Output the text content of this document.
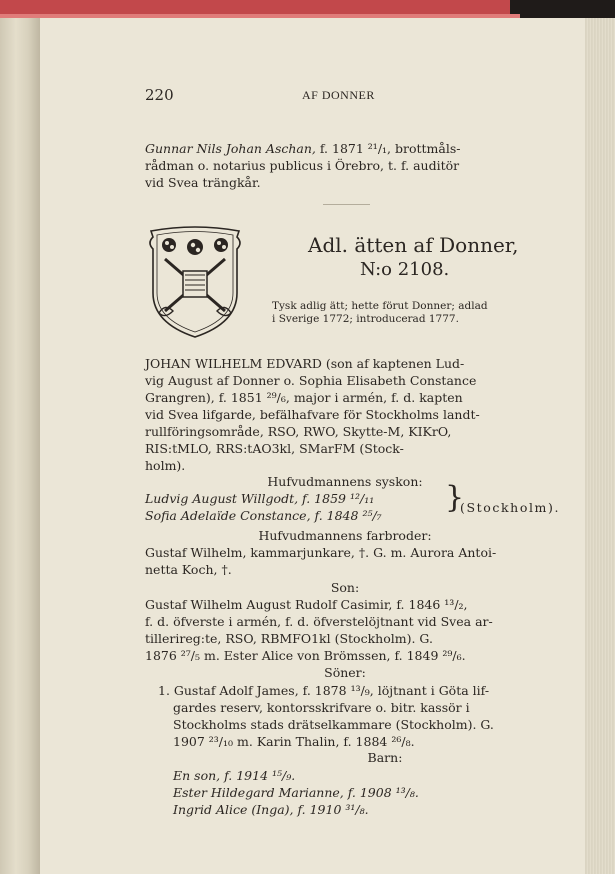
220	AF DONNER
Gunnar Nils Johan Aschan, f. 1871 ²¹/₁, brottmåls-
rådman o. notarius publicus i Örebro, t. f. auditör
vid Svea trängkår.
Adl. ätten af Donner,
N:o 2108.
Tysk adlig ätt; hette förut Donner; adlad
i Sverige 1772; introducerad 1777.
JOHAN WILHELM EDVARD (son af kaptenen Lud-
vig August af Donner o. Sophia Elisabeth Constance
Grangren), f. 1851 ²⁹/₆, major i armén, f. d. kapten
vid Svea lifgarde, befälhafvare för Stockholms landt-
rullföringsområde, RSO, RWO, Skytte-M, KIKrO,
RIS:tMLO, RRS:tAO3kl, SMarFM (Stock-
holm).
Hufvudmannens syskon:
Ludvig August Willgodt, f. 1859 ¹²/₁₁
Sofia Adelaïde Constance, f. 1848 ²⁵/₇
}
(Stockholm).
Hufvudmannens farbroder:
Gustaf Wilhelm, kammarjunkare, †. G. m. Aurora Antoi-
netta Koch, †.
Son:
Gustaf Wilhelm August Rudolf Casimir, f. 1846 ¹³/₂,
f. d. öfverste i armén, f. d. öfverstelöjtnant vid Svea ar-
tillerireg:te, RSO, RBMFO1kl (Stockholm). G.
1876 ²⁷/₅ m. Ester Alice von Brömssen, f. 1849 ²⁹/₆.
Söner:
1. Gustaf Adolf James, f. 1878 ¹³/₉, löjtnant i Göta lif-
gardes reserv, kontorsskrifvare o. bitr. kassör i
Stockholms stads drätselkammare (Stockholm). G.
1907 ²³/₁₀ m. Karin Thalin, f. 1884 ²⁶/₈.
Barn:
En son, f. 1914 ¹⁵/₉.
Ester Hildegard Marianne, f. 1908 ¹³/₈.
Ingrid Alice (Inga), f. 1910 ³¹/₈.
